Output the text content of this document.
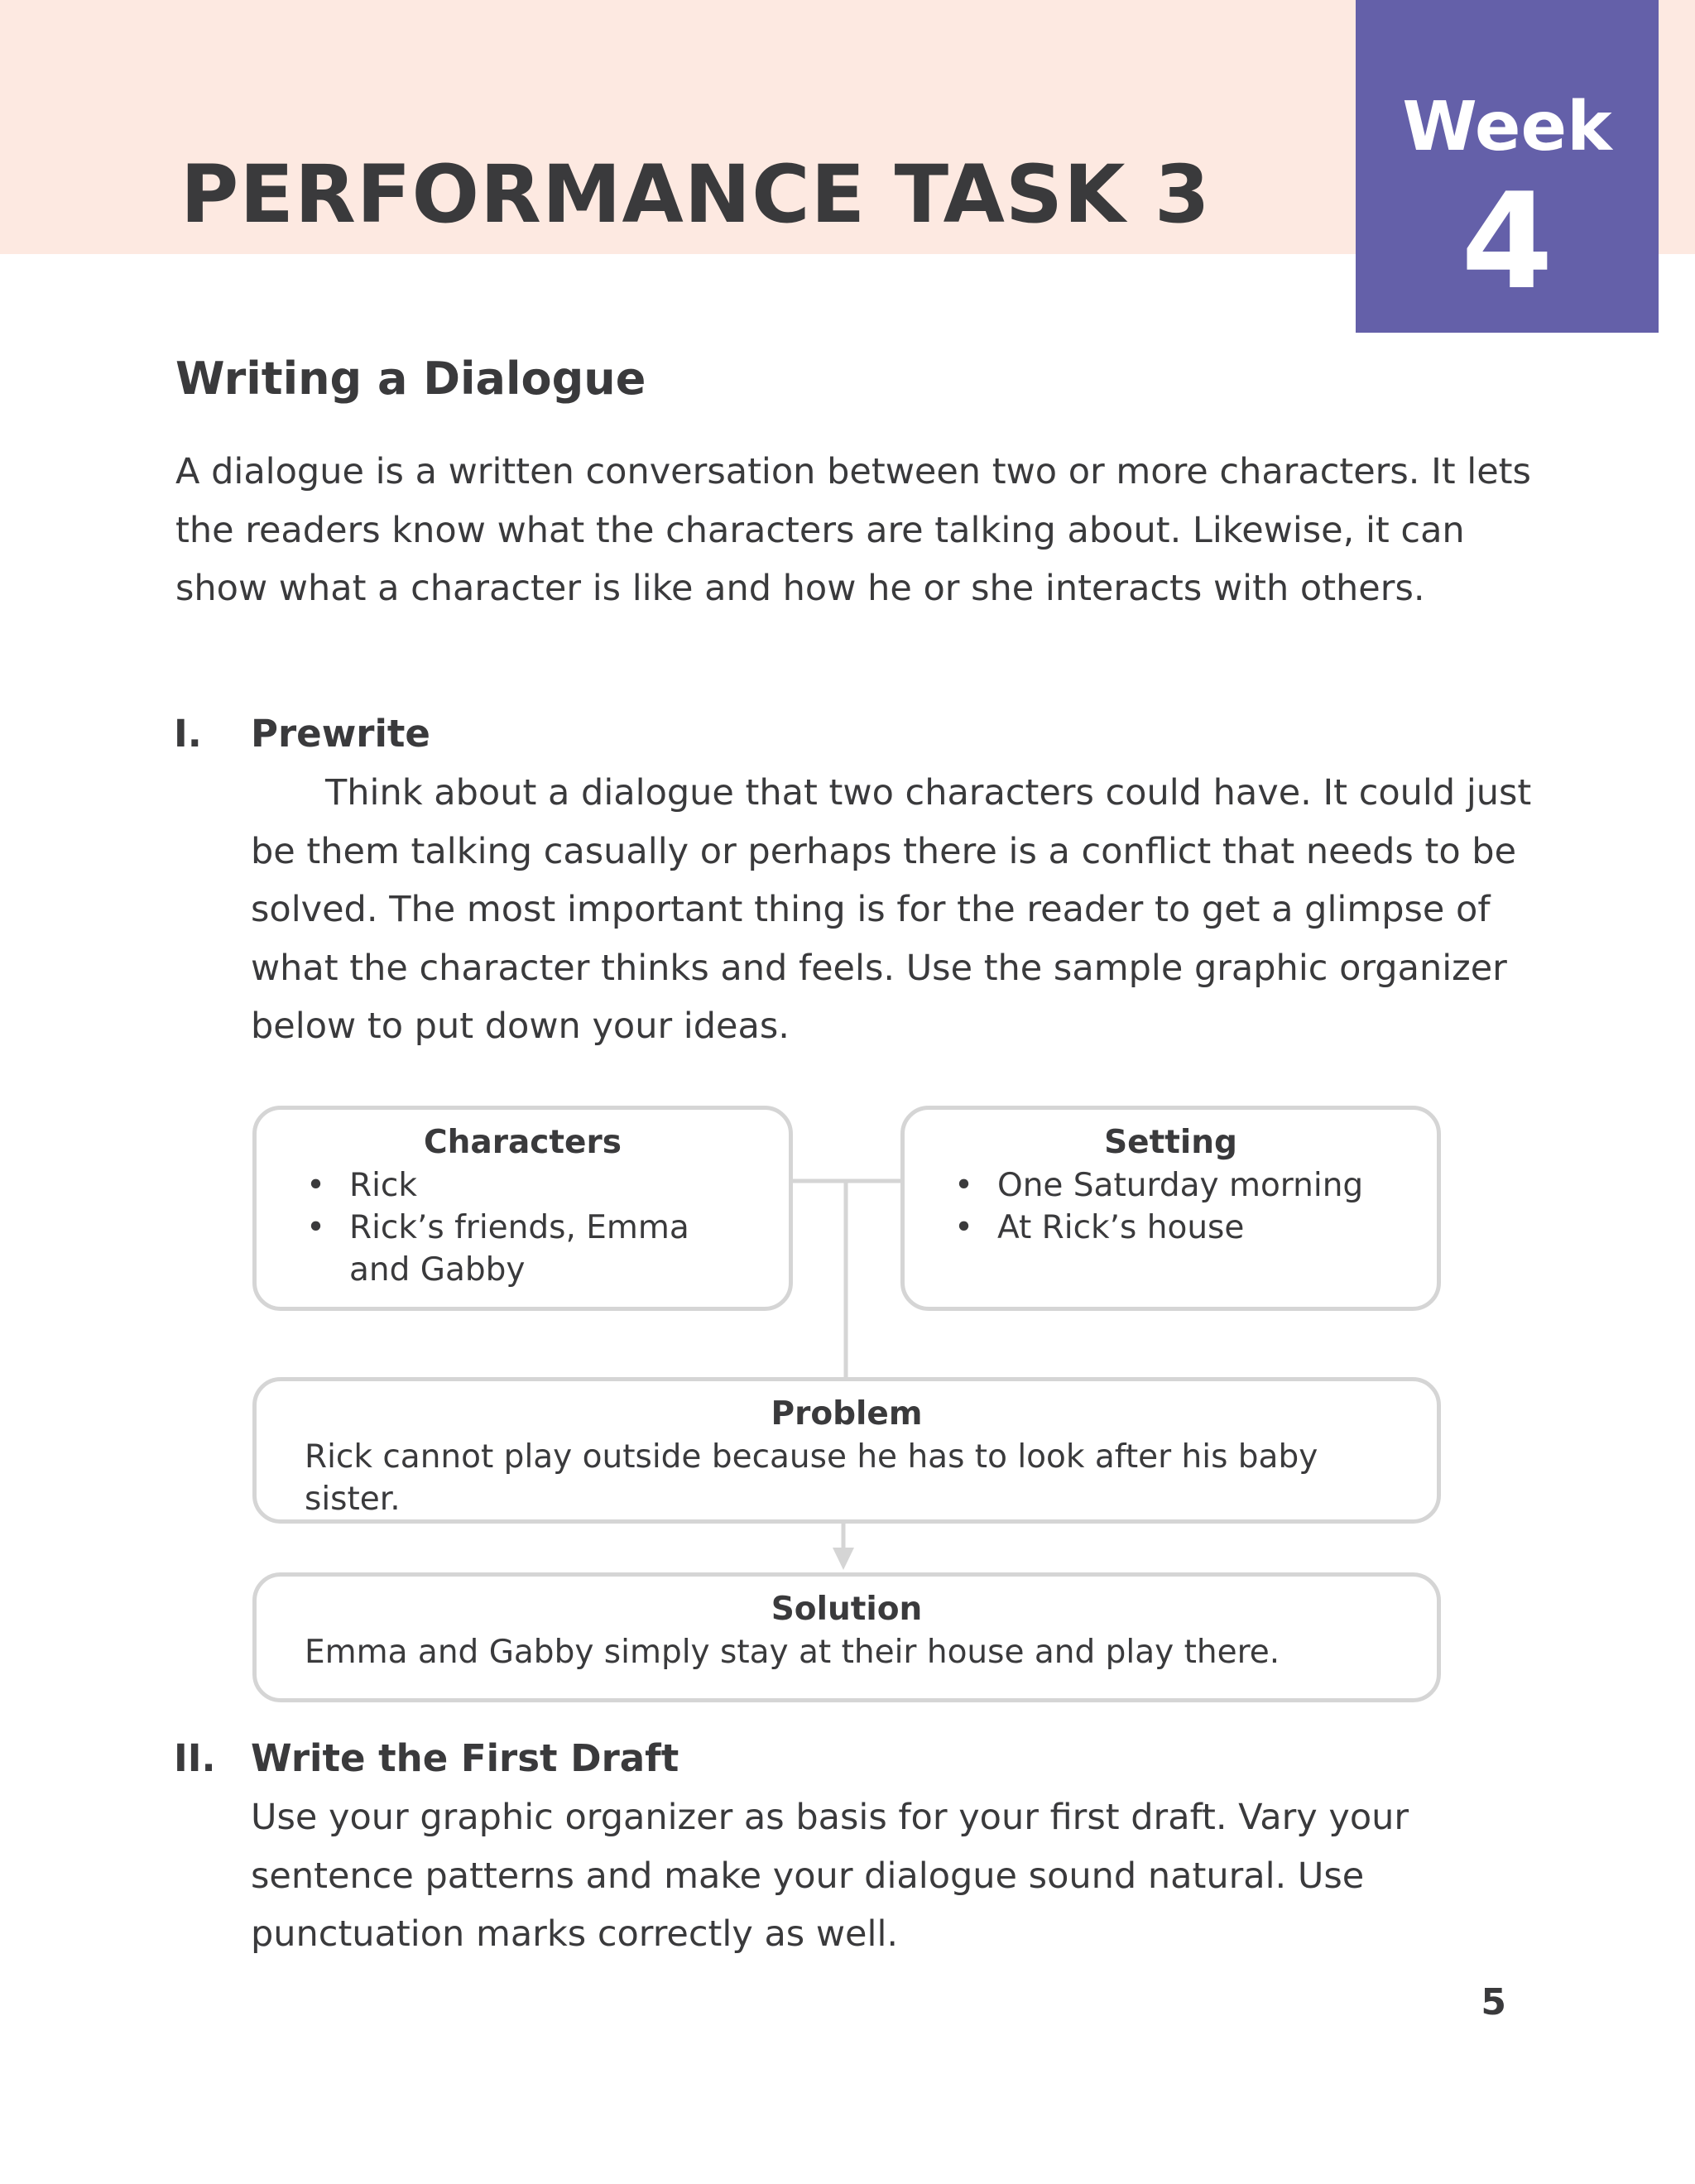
PERFORMANCE TASK 3
Week
4
Writing a Dialogue

A dialogue is a written conversation between two or more characters. It lets the readers know what the characters are talking about. Likewise, it can show what a character is like and how he or she interacts with others.

I. Prewrite

Think about a dialogue that two characters could have. It could just be them talking casually or perhaps there is a conflict that needs to be solved. The most important thing is for the reader to get a glimpse of what the character thinks and feels. Use the sample graphic organizer below to put down your ideas.

Characters
• Rick
• Rick’s friends, Emma and Gabby
Setting
• One Saturday morning
• At Rick’s house
Problem
Rick cannot play outside because he has to look after his baby sister.
Solution
Emma and Gabby simply stay at their house and play there.
II. Write the First Draft

Use your graphic organizer as basis for your first draft. Vary your sentence patterns and make your dialogue sound natural. Use punctuation marks correctly as well.

5
